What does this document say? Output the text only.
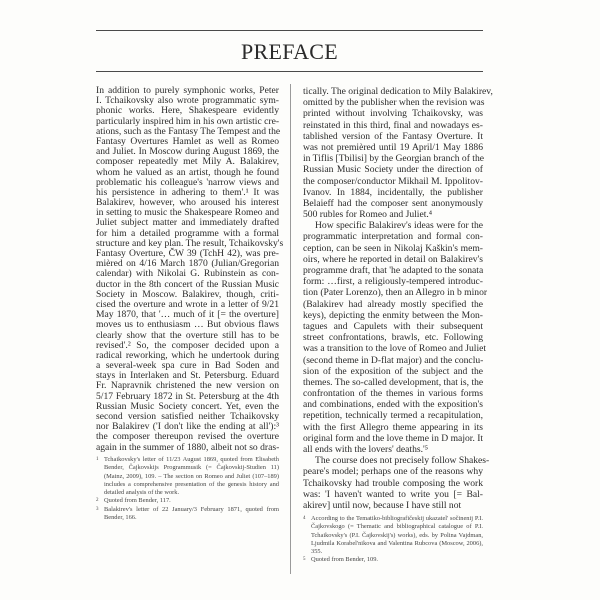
PREFACE
In addition to purely symphonic works, Peter
I. Tchaikovsky also wrote programmatic sym-
phonic works. Here, Shakespeare evidently
particularly inspired him in his own artistic cre-
ations, such as the Fantasy The Tempest and the
Fantasy Overtures Hamlet as well as Romeo
and Juliet. In Moscow during August 1869, the
composer repeatedly met Mily A. Balakirev,
whom he valued as an artist, though he found
problematic his colleague's 'narrow views and
his persistence in adhering to them'.¹ It was
Balakirev, however, who aroused his interest
in setting to music the Shakespeare Romeo and
Juliet subject matter and immediately drafted
for him a detailed programme with a formal
structure and key plan. The result, Tchaikovsky's
Fantasy Overture, ČW 39 (TchH 42), was pre-
mièred on 4/16 March 1870 (Julian/Gregorian
calendar) with Nikolai G. Rubinstein as con-
ductor in the 8th concert of the Russian Music
Society in Moscow. Balakirev, though, criti-
cised the overture and wrote in a letter of 9/21
May 1870, that '… much of it [= the overture]
moves us to enthusiasm … But obvious flaws
clearly show that the overture still has to be
revised'.² So, the composer decided upon a
radical reworking, which he undertook during
a several-week spa cure in Bad Soden and
stays in Interlaken and St. Petersburg. Eduard
Fr. Napravnik christened the new version on
5/17 February 1872 in St. Petersburg at the 4th
Russian Music Society concert. Yet, even the
second version satisfied neither Tchaikovsky
nor Balakirev ('I don't like the ending at all'):³
the composer thereupon revised the overture
again in the summer of 1880, albeit not so dras-
tically. The original dedication to Mily Balakirev,
omitted by the publisher when the revision was
printed without involving Tchaikovsky, was
reinstated in this third, final and nowadays es-
tablished version of the Fantasy Overture. It
was not premièred until 19 April/1 May 1886
in Tiflis [Tbilisi] by the Georgian branch of the
Russian Music Society under the direction of
the composer/conductor Mikhail M. Ippolitov-
Ivanov. In 1884, incidentally, the publisher
Belaieff had the composer sent anonymously
500 rubles for Romeo and Juliet.⁴
How specific Balakirev's ideas were for the
programmatic interpretation and formal con-
ception, can be seen in Nikolaj Kaškin's mem-
oirs, where he reported in detail on Balakirev's
programme draft, that 'he adapted to the sonata
form: …first, a religiously-tempered introduc-
tion (Pater Lorenzo), then an Allegro in b minor
(Balakirev had already mostly specified the
keys), depicting the enmity between the Mon-
tagues and Capulets with their subsequent
street confrontations, brawls, etc. Following
was a transition to the love of Romeo and Juliet
(second theme in D-flat major) and the conclu-
sion of the exposition of the subject and the
themes. The so-called development, that is, the
confrontation of the themes in various forms
and combinations, ended with the exposition's
repetition, technically termed a recapitulation,
with the first Allegro theme appearing in its
original form and the love theme in D major. It
all ends with the lovers' deaths.'⁵
The course does not precisely follow Shakes-
peare's model; perhaps one of the reasons why
Tchaikovsky had trouble composing the work
was: 'I haven't wanted to write you [= Bal-
akirev] until now, because I have still not
1 Tchaikovsky's letter of 11/23 August 1869, quoted from Elisabeth Bender, Čajkovskijs Programmusik (= Čajkovskij-Studien 11) (Mainz, 2009), 109. – The section on Romeo and Juliet (107–189) includes a comprehensive presentation of the genesis history and detailed analysis of the work.
2 Quoted from Bender, 117.
3 Balakirev's letter of 22 January/3 February 1871, quoted from Bender, 166.	4 According to the Tematiko-bibliografičeskij ukazatel' sočinenij P.I. Čajkovskogo (= Thematic and bibliographical catalogue of P.I. Tchaikovsky's (P.I. Čajkovskij's) works), eds. by Polina Vajdman, Ljudmila Korabel'nikova and Valentina Rubcova (Moscow, 2006), 355.
5 Quoted from Bender, 109.
